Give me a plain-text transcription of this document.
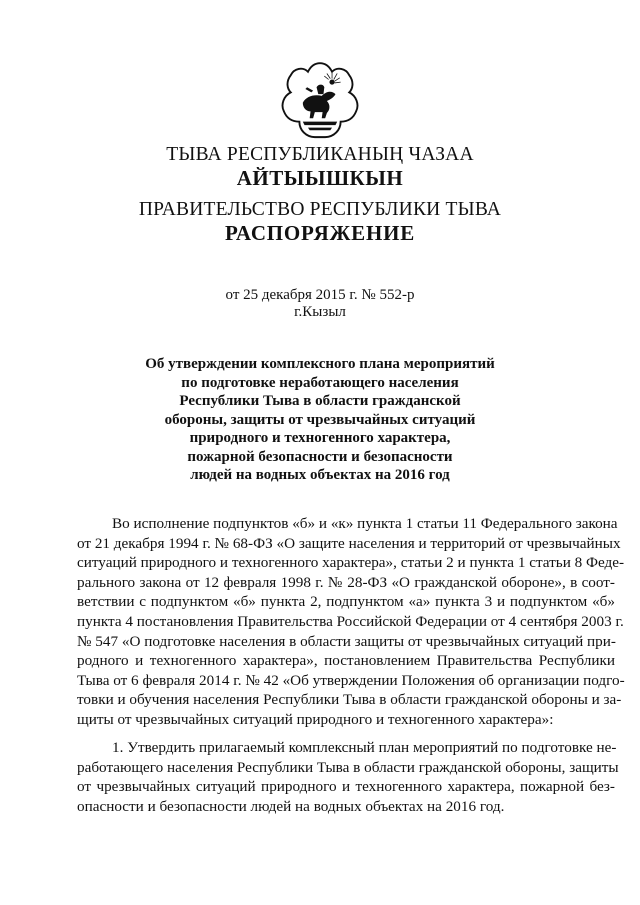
ТЫВА РЕСПУБЛИКАНЫҢ ЧАЗАА
АЙТЫЫШКЫН
ПРАВИТЕЛЬСТВО РЕСПУБЛИКИ ТЫВА
РАСПОРЯЖЕНИЕ
от 25 декабря 2015 г. № 552-р
г.Кызыл
Об утверждении комплексного плана мероприятий
по подготовке неработающего населения
Республики Тыва в области гражданской
обороны, защиты от чрезвычайных ситуаций
природного и техногенного характера,
пожарной безопасности и безопасности
людей на водных объектах на 2016 год
Во исполнение подпунктов «б» и «к» пункта 1 статьи 11 Федерального закона
от 21 декабря 1994 г. № 68-ФЗ «О защите населения и территорий от чрезвычайных
ситуаций природного и техногенного характера», статьи 2 и пункта 1 статьи 8 Феде-
рального закона от 12 февраля 1998 г. № 28-ФЗ «О гражданской обороне», в соот-
ветствии с подпунктом «б» пункта 2, подпунктом «а» пункта 3 и подпунктом «б»
пункта 4 постановления Правительства Российской Федерации от 4 сентября 2003 г.
№ 547 «О подготовке населения в области защиты от чрезвычайных ситуаций при-
родного и техногенного характера», постановлением Правительства Республики
Тыва от 6 февраля 2014 г. № 42 «Об утверждении Положения об организации подго-
товки и обучения населения Республики Тыва в области гражданской обороны и за-
щиты от чрезвычайных ситуаций природного и техногенного характера»:
1. Утвердить прилагаемый комплексный план мероприятий по подготовке не-
работающего населения Республики Тыва в области гражданской обороны, защиты
от чрезвычайных ситуаций природного и техногенного характера, пожарной без-
опасности и безопасности людей на водных объектах на 2016 год.
